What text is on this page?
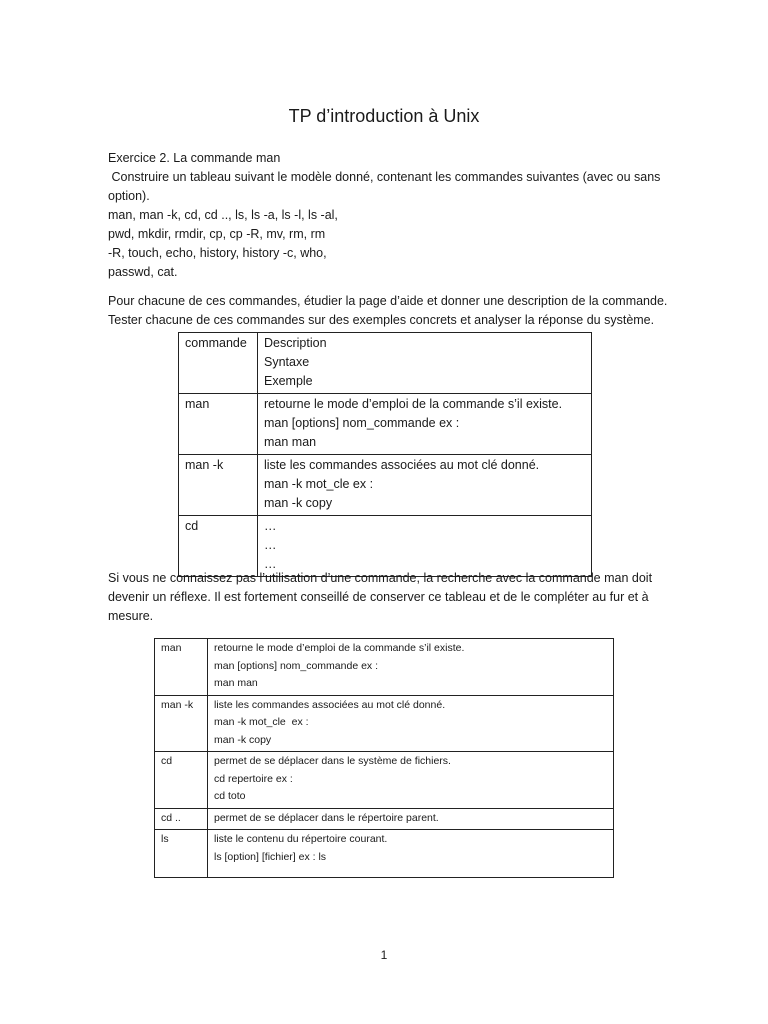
TP d’introduction à Unix
Exercice 2. La commande man
Construire un tableau suivant le modèle donné, contenant les commandes suivantes (avec ou sans
option).
man, man -k, cd, cd .., ls, ls -a, ls -l, ls -al,
pwd, mkdir, rmdir, cp, cp -R, mv, rm, rm
-R, touch, echo, history, history -c, who,
passwd, cat.
Pour chacune de ces commandes, étudier la page d’aide et donner une description de la commande.
Tester chacune de ces commandes sur des exemples concrets et analyser la réponse du système.
commande	Description
Syntaxe
Exemple

man	retourne le mode d’emploi de la commande s’il existe.
man [options] nom_commande ex :
man man

man -k	liste les commandes associées au mot clé donné.
man -k mot_cle ex :
man -k copy

cd	…
…
…
Si vous ne connaissez pas l’utilisation d’une commande, la recherche avec la commande man doit
devenir un réflexe. Il est fortement conseillé de conserver ce tableau et de le compléter au fur et à
mesure.
man	retourne le mode d’emploi de la commande s’il existe.
man [options] nom_commande ex :
man man

man -k	liste les commandes associées au mot clé donné.
man -k mot_cle  ex :
man -k copy

cd	permet de se déplacer dans le système de fichiers.
cd repertoire ex :
cd toto

cd ..	permet de se déplacer dans le répertoire parent.

ls	liste le contenu du répertoire courant.
ls [option] [fichier] ex : ls
1
